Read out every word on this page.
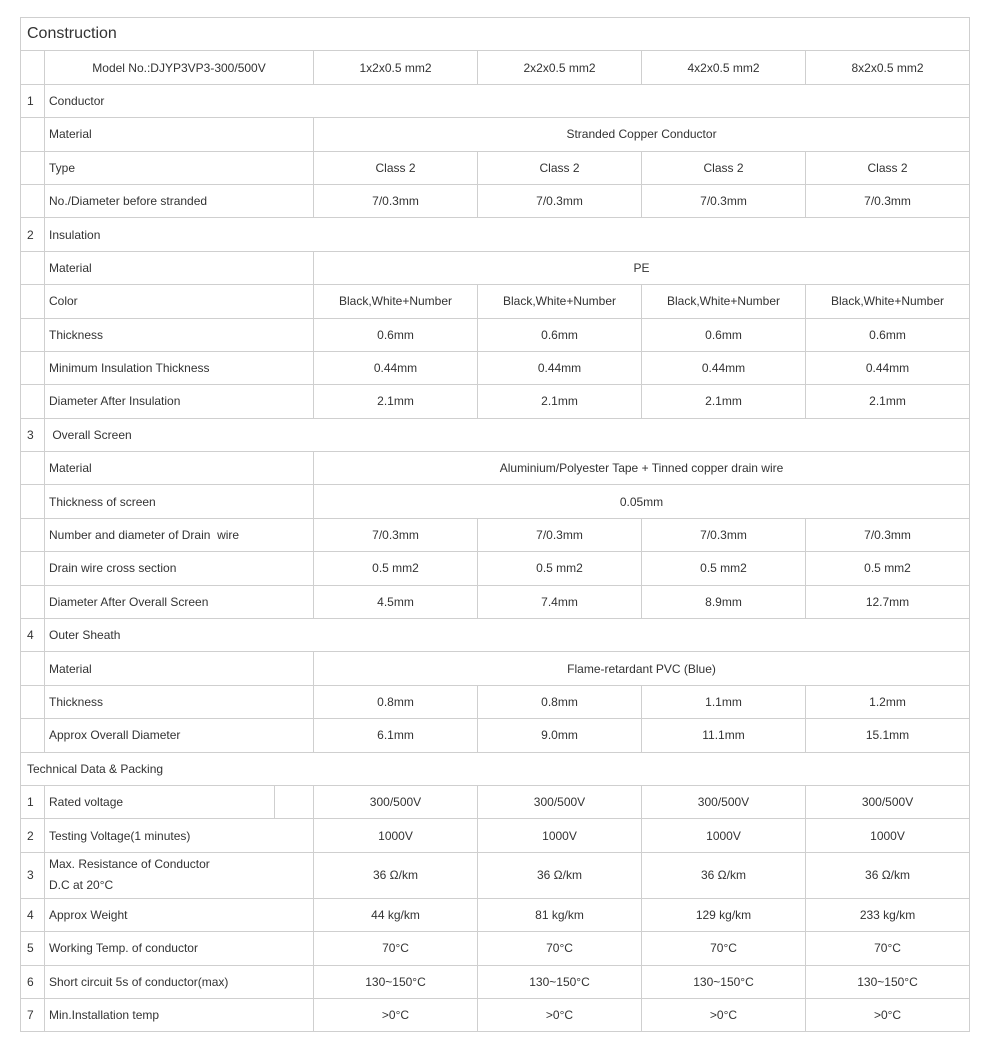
Construction						
	Model No.:DJYP3VP3-300/500V		1x2x0.5 mm2	2x2x0.5 mm2	4x2x0.5 mm2	8x2x0.5 mm2
1	Conductor					
	Material		Stranded Copper Conductor			
	Type		Class 2	Class 2	Class 2	Class 2
	No./Diameter before stranded		7/0.3mm	7/0.3mm	7/0.3mm	7/0.3mm
2	Insulation					
	Material		PE			
	Color		Black,White+Number	Black,White+Number	Black,White+Number	Black,White+Number
	Thickness		0.6mm	0.6mm	0.6mm	0.6mm
	Minimum Insulation Thickness		0.44mm	0.44mm	0.44mm	0.44mm
	Diameter After Insulation		2.1mm	2.1mm	2.1mm	2.1mm
3	Overall Screen					
	Material		Aluminium/Polyester Tape + Tinned copper drain wire			
	Thickness of screen		0.05mm			
	Number and diameter of Drain  wire		7/0.3mm	7/0.3mm	7/0.3mm	7/0.3mm
	Drain wire cross section		0.5 mm2	0.5 mm2	0.5 mm2	0.5 mm2
	Diameter After Overall Screen		4.5mm	7.4mm	8.9mm	12.7mm
4	Outer Sheath					
	Material		Flame-retardant PVC (Blue)			
	Thickness		0.8mm	0.8mm	1.1mm	1.2mm
	Approx Overall Diameter		6.1mm	9.0mm	11.1mm	15.1mm
Technical Data & Packing						
1	Rated voltage		300/500V	300/500V	300/500V	300/500V
2	Testing Voltage(1 minutes)		1000V	1000V	1000V	1000V
3	Max. Resistance of Conductor
D.C at 20°C		36 Ω/km	36 Ω/km	36 Ω/km	36 Ω/km
4	Approx Weight		44 kg/km	81 kg/km	129 kg/km	233 kg/km
5	Working Temp. of conductor		70°C	70°C	70°C	70°C
6	Short circuit 5s of conductor(max)		130~150°C	130~150°C	130~150°C	130~150°C
7	Min.Installation temp		>0°C	>0°C	>0°C	>0°C
